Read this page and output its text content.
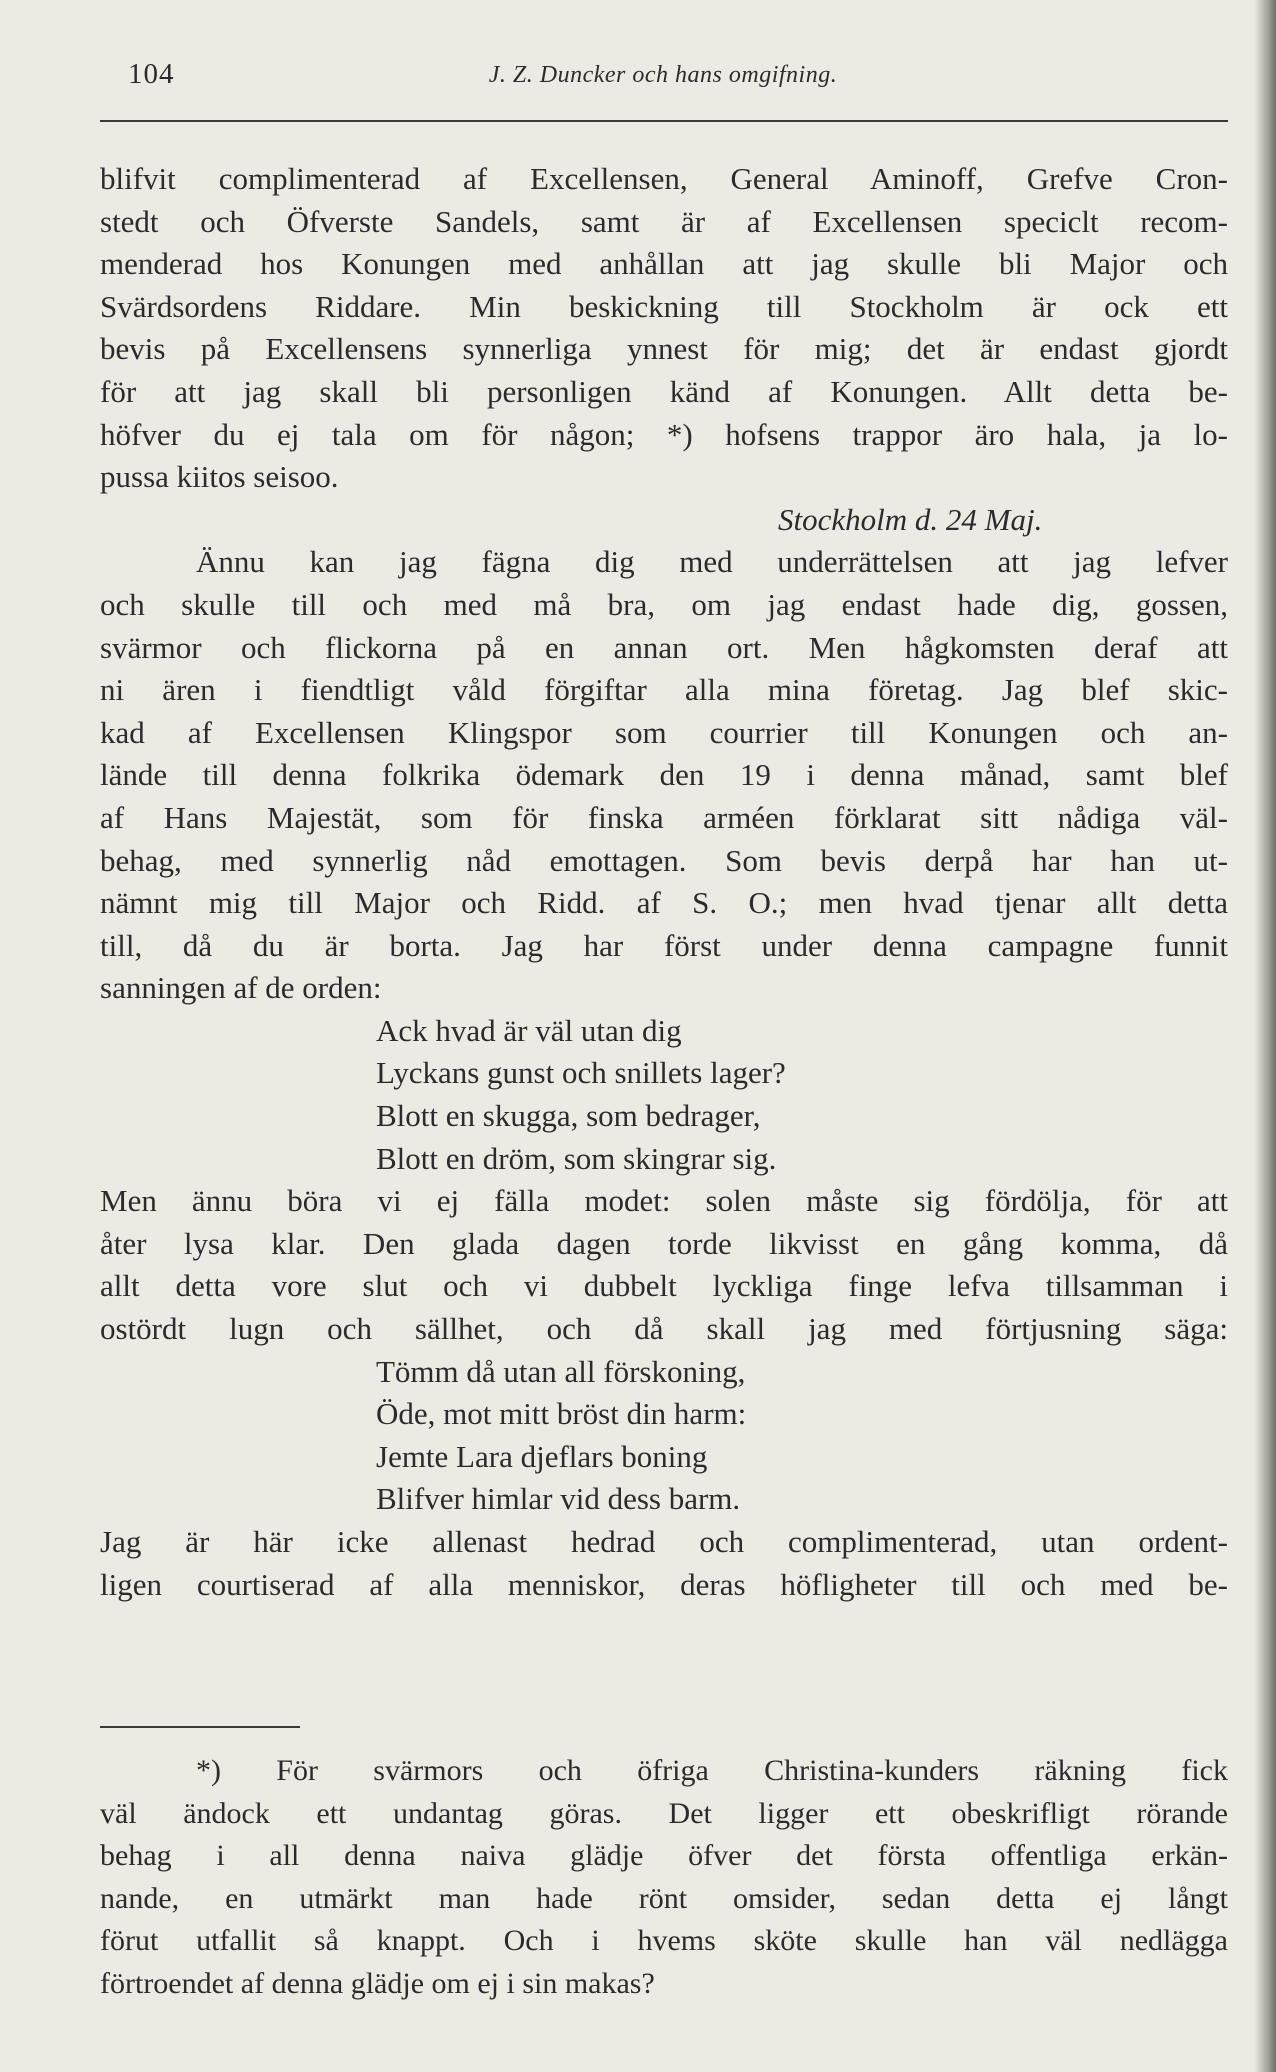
104	J. Z. Duncker och hans omgifning.
blifvit complimenterad af Excellensen, General Aminoff, Grefve Cron-
stedt och Öfverste Sandels, samt är af Excellensen speciclt recom-
menderad hos Konungen med anhållan att jag skulle bli Major och
Svärdsordens Riddare. Min beskickning till Stockholm är ock ett
bevis på Excellensens synnerliga ynnest för mig; det är endast gjordt
för att jag skall bli personligen känd af Konungen. Allt detta be-
höfver du ej tala om för någon; *) hofsens trappor äro hala, ja lo-
pussa kiitos seisoo.
Stockholm d. 24 Maj.
Ännu kan jag fägna dig med underrättelsen att jag lefver
och skulle till och med må bra, om jag endast hade dig, gossen,
svärmor och flickorna på en annan ort. Men hågkomsten deraf att
ni ären i fiendtligt våld förgiftar alla mina företag. Jag blef skic-
kad af Excellensen Klingspor som courrier till Konungen och an-
lände till denna folkrika ödemark den 19 i denna månad, samt blef
af Hans Majestät, som för finska arméen förklarat sitt nådiga väl-
behag, med synnerlig nåd emottagen. Som bevis derpå har han ut-
nämnt mig till Major och Ridd. af S. O.; men hvad tjenar allt detta
till, då du är borta. Jag har först under denna campagne funnit
sanningen af de orden:
Ack hvad är väl utan dig
Lyckans gunst och snillets lager?
Blott en skugga, som bedrager,
Blott en dröm, som skingrar sig.
Men ännu böra vi ej fälla modet: solen måste sig fördölja, för att
åter lysa klar. Den glada dagen torde likvisst en gång komma, då
allt detta vore slut och vi dubbelt lyckliga finge lefva tillsamman i
ostördt lugn och sällhet, och då skall jag med förtjusning säga:
Tömm då utan all förskoning,
Öde, mot mitt bröst din harm:
Jemte Lara djeflars boning
Blifver himlar vid dess barm.
Jag är här icke allenast hedrad och complimenterad, utan ordent-
ligen courtiserad af alla menniskor, deras höfligheter till och med be-
*) För svärmors och öfriga Christina-kunders räkning fick
väl ändock ett undantag göras. Det ligger ett obeskrifligt rörande
behag i all denna naiva glädje öfver det första offentliga erkän-
nande, en utmärkt man hade rönt omsider, sedan detta ej långt
förut utfallit så knappt. Och i hvems sköte skulle han väl nedlägga
förtroendet af denna glädje om ej i sin makas?
